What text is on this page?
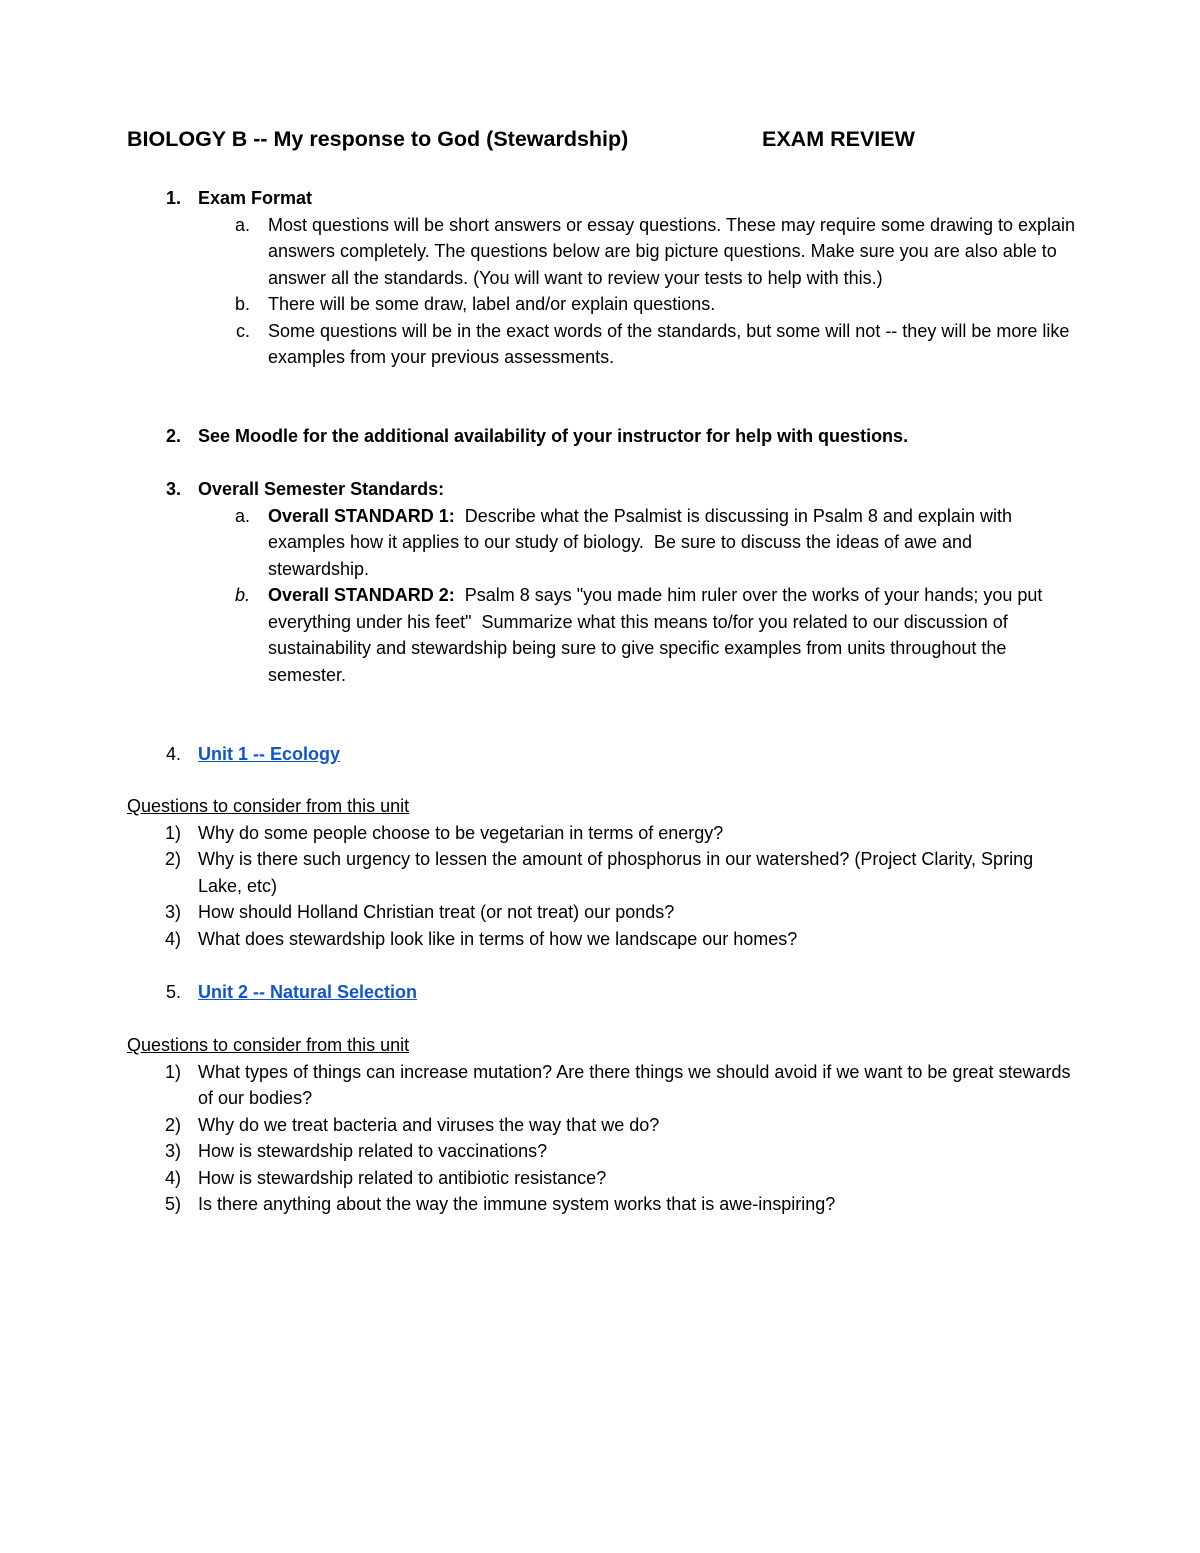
BIOLOGY B -- My response to God (Stewardship)	EXAM REVIEW
1. Exam Format
a. Most questions will be short answers or essay questions. These may require some drawing to explain answers completely. The questions below are big picture questions. Make sure you are also able to answer all the standards. (You will want to review your tests to help with this.)
b. There will be some draw, label and/or explain questions.
c. Some questions will be in the exact words of the standards, but some will not -- they will be more like examples from your previous assessments.
2. See Moodle for the additional availability of your instructor for help with questions.
3. Overall Semester Standards:
a. Overall STANDARD 1:  Describe what the Psalmist is discussing in Psalm 8 and explain with examples how it applies to our study of biology.  Be sure to discuss the ideas of awe and stewardship.
b. Overall STANDARD 2:  Psalm 8 says "you made him ruler over the works of your hands; you put everything under his feet"  Summarize what this means to/for you related to our discussion of sustainability and stewardship being sure to give specific examples from units throughout the semester.
4. Unit 1 -- Ecology
Questions to consider from this unit
1) Why do some people choose to be vegetarian in terms of energy?
2) Why is there such urgency to lessen the amount of phosphorus in our watershed? (Project Clarity, Spring Lake, etc)
3) How should Holland Christian treat (or not treat) our ponds?
4) What does stewardship look like in terms of how we landscape our homes?
5. Unit 2 -- Natural Selection
Questions to consider from this unit
1) What types of things can increase mutation? Are there things we should avoid if we want to be great stewards of our bodies?
2) Why do we treat bacteria and viruses the way that we do?
3) How is stewardship related to vaccinations?
4) How is stewardship related to antibiotic resistance?
5) Is there anything about the way the immune system works that is awe-inspiring?
